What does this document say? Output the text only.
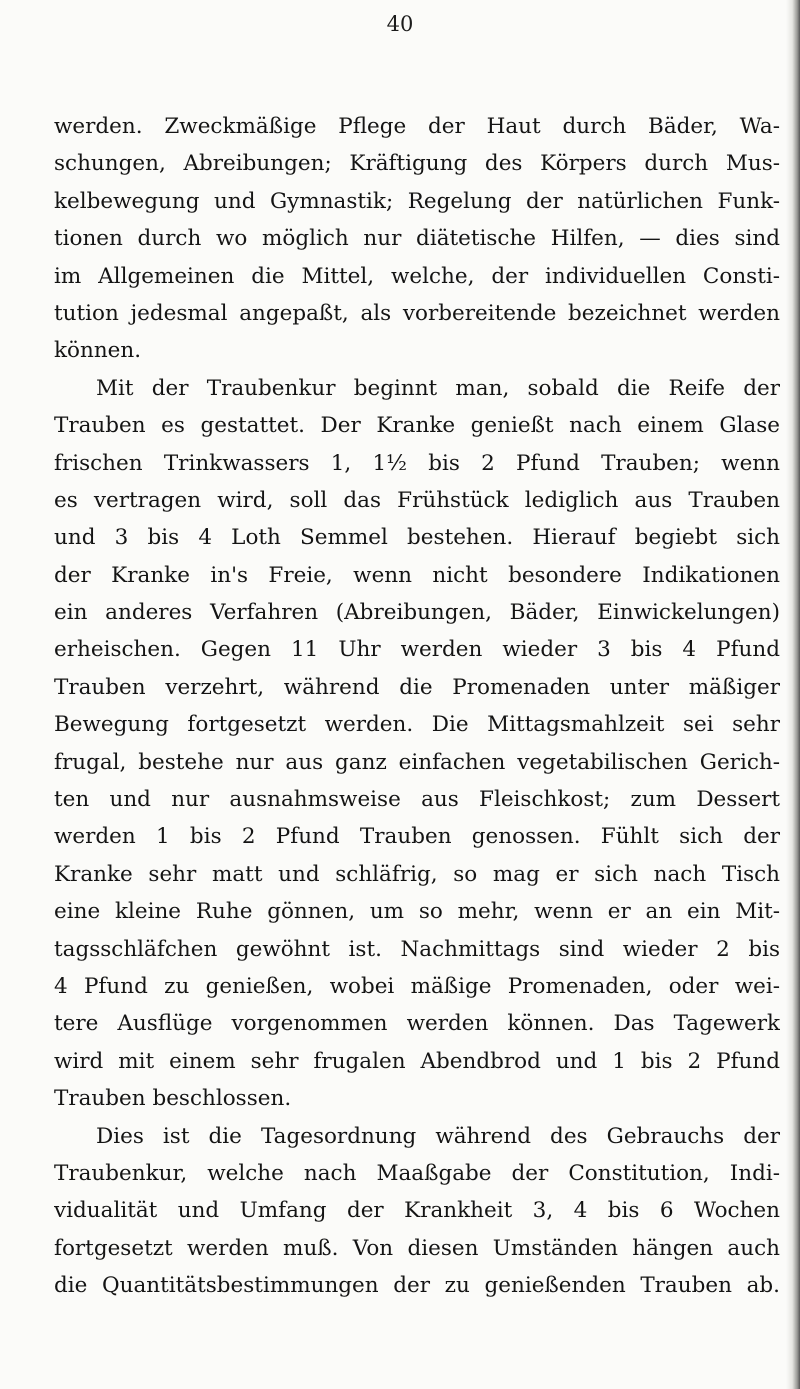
40
werden. Zweckmäßige Pflege der Haut durch Bäder, Wa-
schungen, Abreibungen; Kräftigung des Körpers durch Mus-
kelbewegung und Gymnastik; Regelung der natürlichen Funk-
tionen durch wo möglich nur diätetische Hilfen, — dies sind
im Allgemeinen die Mittel, welche, der individuellen Consti-
tution jedesmal angepaßt, als vorbereitende bezeichnet werden
können.
Mit der Traubenkur beginnt man, sobald die Reife der
Trauben es gestattet. Der Kranke genießt nach einem Glase
frischen Trinkwassers 1, 1½ bis 2 Pfund Trauben; wenn
es vertragen wird, soll das Frühstück lediglich aus Trauben
und 3 bis 4 Loth Semmel bestehen. Hierauf begiebt sich
der Kranke in's Freie, wenn nicht besondere Indikationen
ein anderes Verfahren (Abreibungen, Bäder, Einwickelungen)
erheischen. Gegen 11 Uhr werden wieder 3 bis 4 Pfund
Trauben verzehrt, während die Promenaden unter mäßiger
Bewegung fortgesetzt werden. Die Mittagsmahlzeit sei sehr
frugal, bestehe nur aus ganz einfachen vegetabilischen Gerich-
ten und nur ausnahmsweise aus Fleischkost; zum Dessert
werden 1 bis 2 Pfund Trauben genossen. Fühlt sich der
Kranke sehr matt und schläfrig, so mag er sich nach Tisch
eine kleine Ruhe gönnen, um so mehr, wenn er an ein Mit-
tagsschläfchen gewöhnt ist. Nachmittags sind wieder 2 bis
4 Pfund zu genießen, wobei mäßige Promenaden, oder wei-
tere Ausflüge vorgenommen werden können. Das Tagewerk
wird mit einem sehr frugalen Abendbrod und 1 bis 2 Pfund
Trauben beschlossen.
Dies ist die Tagesordnung während des Gebrauchs der
Traubenkur, welche nach Maaßgabe der Constitution, Indi-
vidualität und Umfang der Krankheit 3, 4 bis 6 Wochen
fortgesetzt werden muß. Von diesen Umständen hängen auch
die Quantitätsbestimmungen der zu genießenden Trauben ab.
